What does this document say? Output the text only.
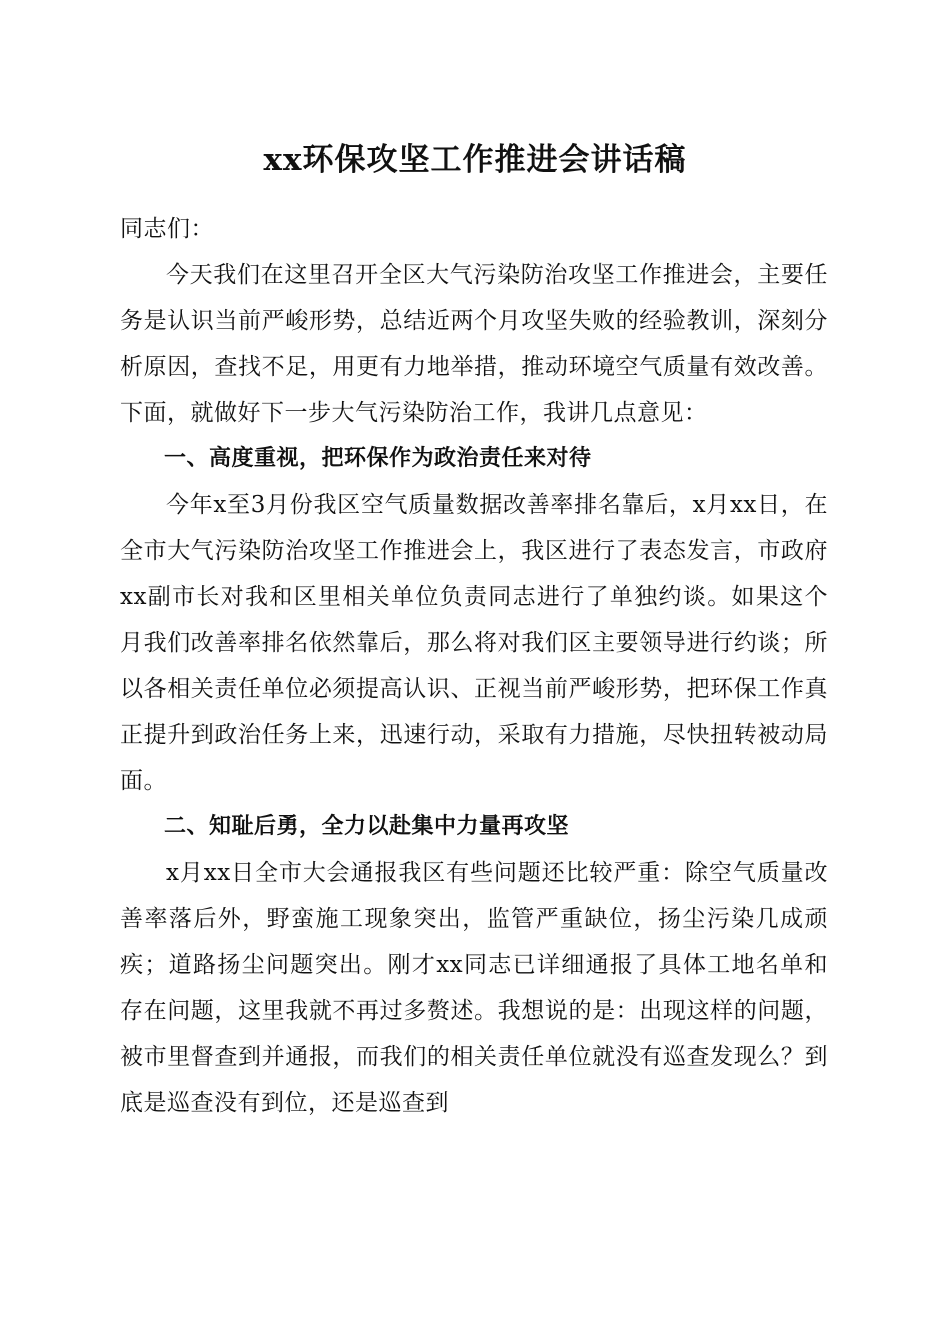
xx环保攻坚工作推进会讲话稿

同志们：

今天我们在这里召开全区大气污染防治攻坚工作推进会，主要任务是认识当前严峻形势，总结近两个月攻坚失败的经验教训，深刻分析原因，查找不足，用更有力地举措，推动环境空气质量有效改善。下面，就做好下一步大气污染防治工作，我讲几点意见：

一、高度重视，把环保作为政治责任来对待

今年x至3月份我区空气质量数据改善率排名靠后，x月xx日，在全市大气污染防治攻坚工作推进会上，我区进行了表态发言，市政府xx副市长对我和区里相关单位负责同志进行了单独约谈。如果这个月我们改善率排名依然靠后，那么将对我们区主要领导进行约谈；所以各相关责任单位必须提高认识、正视当前严峻形势，把环保工作真正提升到政治任务上来，迅速行动，采取有力措施，尽快扭转被动局面。

二、知耻后勇，全力以赴集中力量再攻坚

x月xx日全市大会通报我区有些问题还比较严重：除空气质量改善率落后外，野蛮施工现象突出，监管严重缺位，扬尘污染几成顽疾；道路扬尘问题突出。刚才xx同志已详细通报了具体工地名单和存在问题，这里我就不再过多赘述。我想说的是：出现这样的问题，被市里督查到并通报，而我们的相关责任单位就没有巡查发现么？到底是巡查没有到位，还是巡查到
